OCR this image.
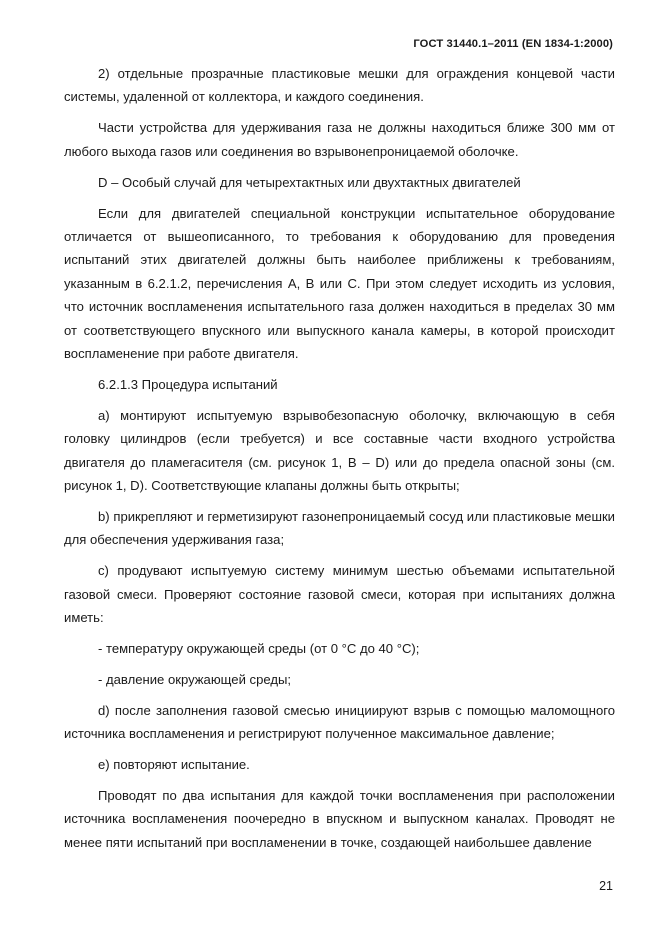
ГОСТ 31440.1–2011 (EN 1834-1:2000)

2) отдельные прозрачные пластиковые мешки для ограждения концевой части системы, удаленной от коллектора, и каждого соединения.

Части устройства для удерживания газа не должны находиться ближе 300 мм от любого выхода газов или соединения во взрывонепроницаемой оболочке.

D – Особый случай для четырехтактных или двухтактных двигателей

Если для двигателей специальной конструкции испытательное оборудование отличается от вышеописанного, то требования к оборудованию для проведения испытаний этих двигателей должны быть наиболее приближены к требованиям, указанным в 6.2.1.2, перечисления А, В или С. При этом следует исходить из условия, что источник воспламенения испытательного газа должен находиться в пределах 30 мм от соответствующего впускного или выпускного канала камеры, в которой происходит воспламенение при работе двигателя.

6.2.1.3 Процедура испытаний

a) монтируют испытуемую взрывобезопасную оболочку, включающую в себя головку цилиндров (если требуется) и все составные части входного устройства двигателя до пламегасителя (см. рисунок 1, В – D) или до предела опасной зоны (см. рисунок 1, D). Соответствующие клапаны должны быть открыты;

b) прикрепляют и герметизируют газонепроницаемый сосуд или пластиковые мешки для обеспечения удерживания газа;

c) продувают испытуемую систему минимум шестью объемами испытательной газовой смеси. Проверяют состояние газовой смеси, которая при испытаниях должна иметь:

- температуру окружающей среды (от 0 °С до 40 °С);

- давление окружающей среды;

d) после заполнения газовой смесью инициируют взрыв с помощью маломощного источника воспламенения и регистрируют полученное максимальное давление;

e) повторяют испытание.

Проводят по два испытания для каждой точки воспламенения при расположении источника воспламенения поочередно в впускном и выпускном каналах. Проводят не менее пяти испытаний при воспламенении в точке, создающей наибольшее давление

21
